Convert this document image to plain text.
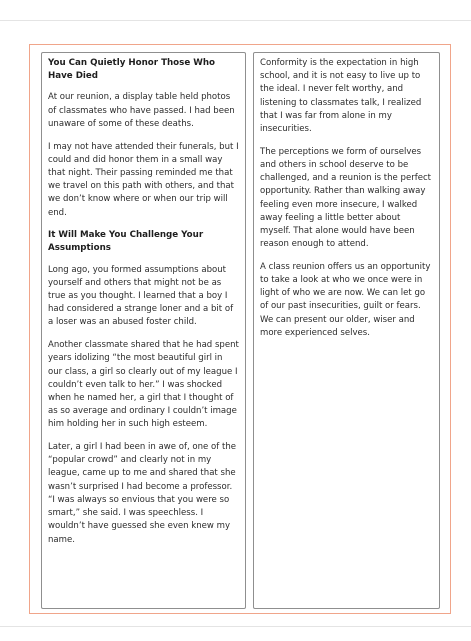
You Can Quietly Honor Those Who Have Died

At our reunion, a display table held photos of classmates who have passed. I had been unaware of some of these deaths.

I may not have attended their funerals, but I could and did honor them in a small way that night. Their passing reminded me that we travel on this path with others, and that we don’t know where or when our trip will end.

It Will Make You Challenge Your Assumptions

Long ago, you formed assumptions about yourself and others that might not be as true as you thought. I learned that a boy I had considered a strange loner and a bit of a loser was an abused foster child.

Another classmate shared that he had spent years idolizing “the most beautiful girl in our class, a girl so clearly out of my league I couldn’t even talk to her.” I was shocked when he named her, a girl that I thought of as so average and ordinary I couldn’t image him holding her in such high esteem.

Later, a girl I had been in awe of, one of the “popular crowd” and clearly not in my league, came up to me and shared that she wasn’t surprised I had become a professor. “I was always so envious that you were so smart,” she said. I was speechless. I wouldn’t have guessed she even knew my name.

Conformity is the expectation in high school, and it is not easy to live up to the ideal. I never felt worthy, and listening to classmates talk, I realized that I was far from alone in my insecurities.

The perceptions we form of ourselves and others in school deserve to be challenged, and a reunion is the perfect opportunity. Rather than walking away feeling even more insecure, I walked away feeling a little better about myself. That alone would have been reason enough to attend.

A class reunion offers us an opportunity to take a look at who we once were in light of who we are now. We can let go of our past insecurities, guilt or fears. We can present our older, wiser and more experienced selves.
